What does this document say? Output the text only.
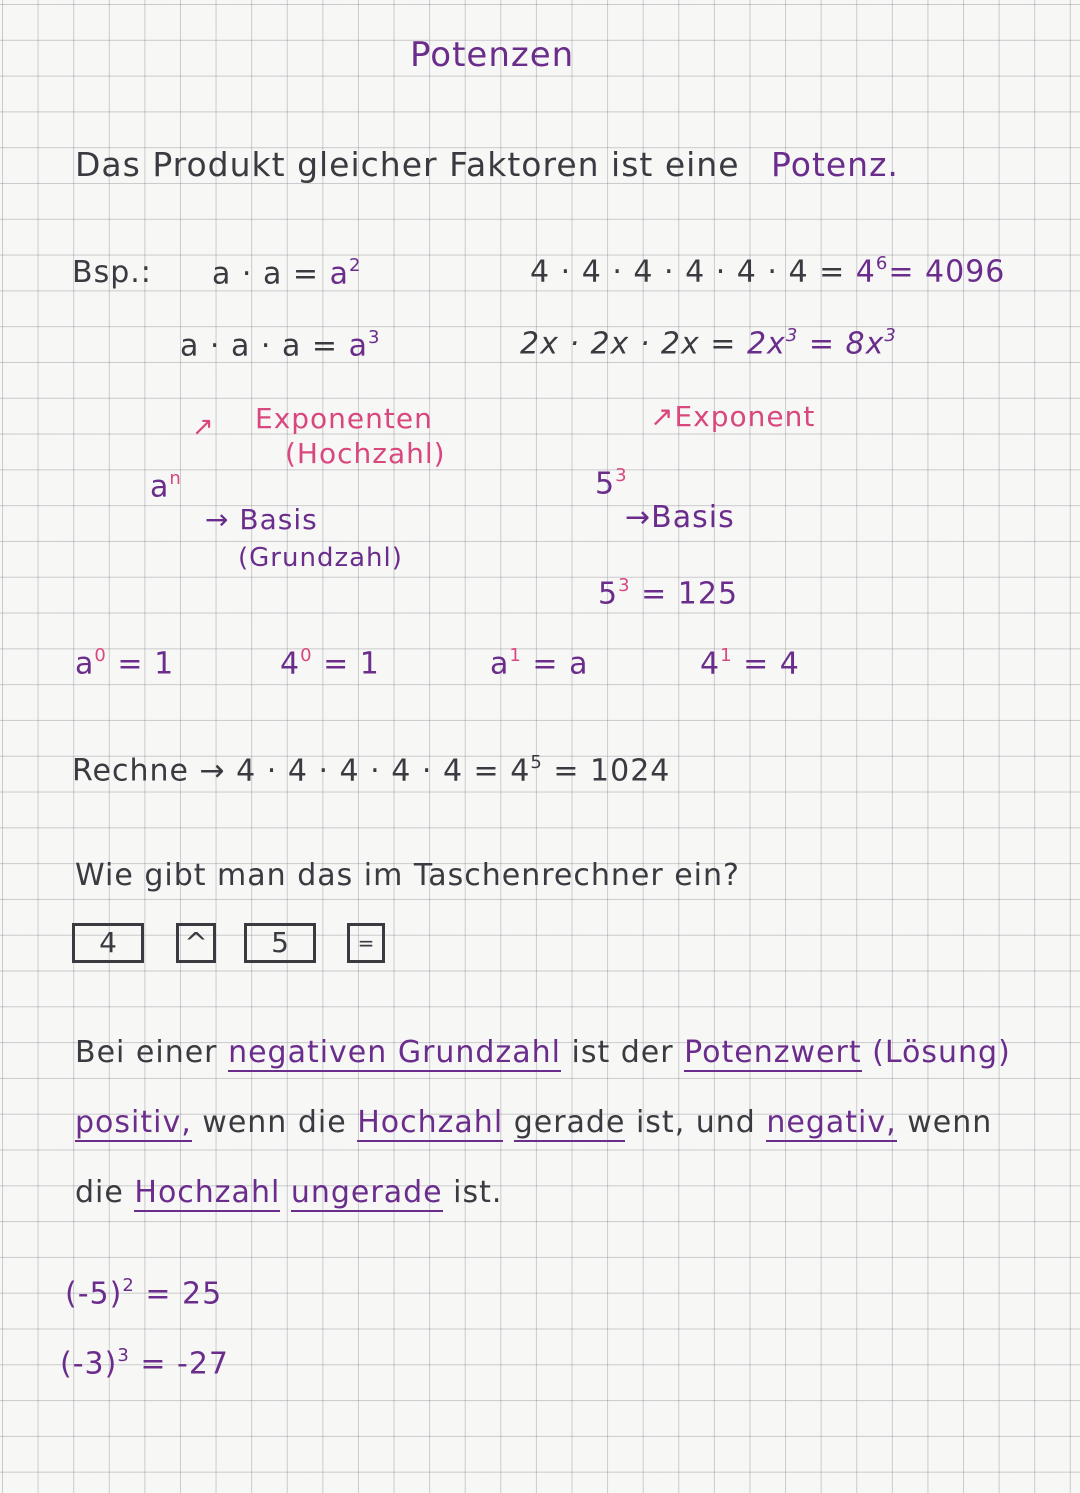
Potenzen
Das Produkt gleicher Faktoren ist eine Potenz.
Bsp.: $a \cdot a = a^2$
$a \cdot a \cdot a = a^3$
$4 \cdot 4 \cdot 4 \cdot 4 \cdot 4 \cdot 4 = 4^6= 4096$
$2x \cdot 2x \cdot 2x = 2x^3 = 8x^3$
$a^n$
↗ Exponenten
(Hochzahl)
→ Basis
(Grundzahl)
$5^3$
↗Exponent
→Basis
$5^3 = 125$
$a^0 = 1$	$4^0 = 1$	$a^1 = a$	$4^1 = 4$
Rechne → $4 \cdot 4 \cdot 4 \cdot 4 \cdot 4 = 4^5 = 1024$
Wie gibt man das im Taschenrechner ein?
4	^	5	=
Bei einer negativen Grundzahl ist der Potenzwert (Lösung)
positiv, wenn die Hochzahl gerade ist, und negativ, wenn
die Hochzahl ungerade ist.
$(-5)^2 = 25$
$(-3)^3 = -27$
